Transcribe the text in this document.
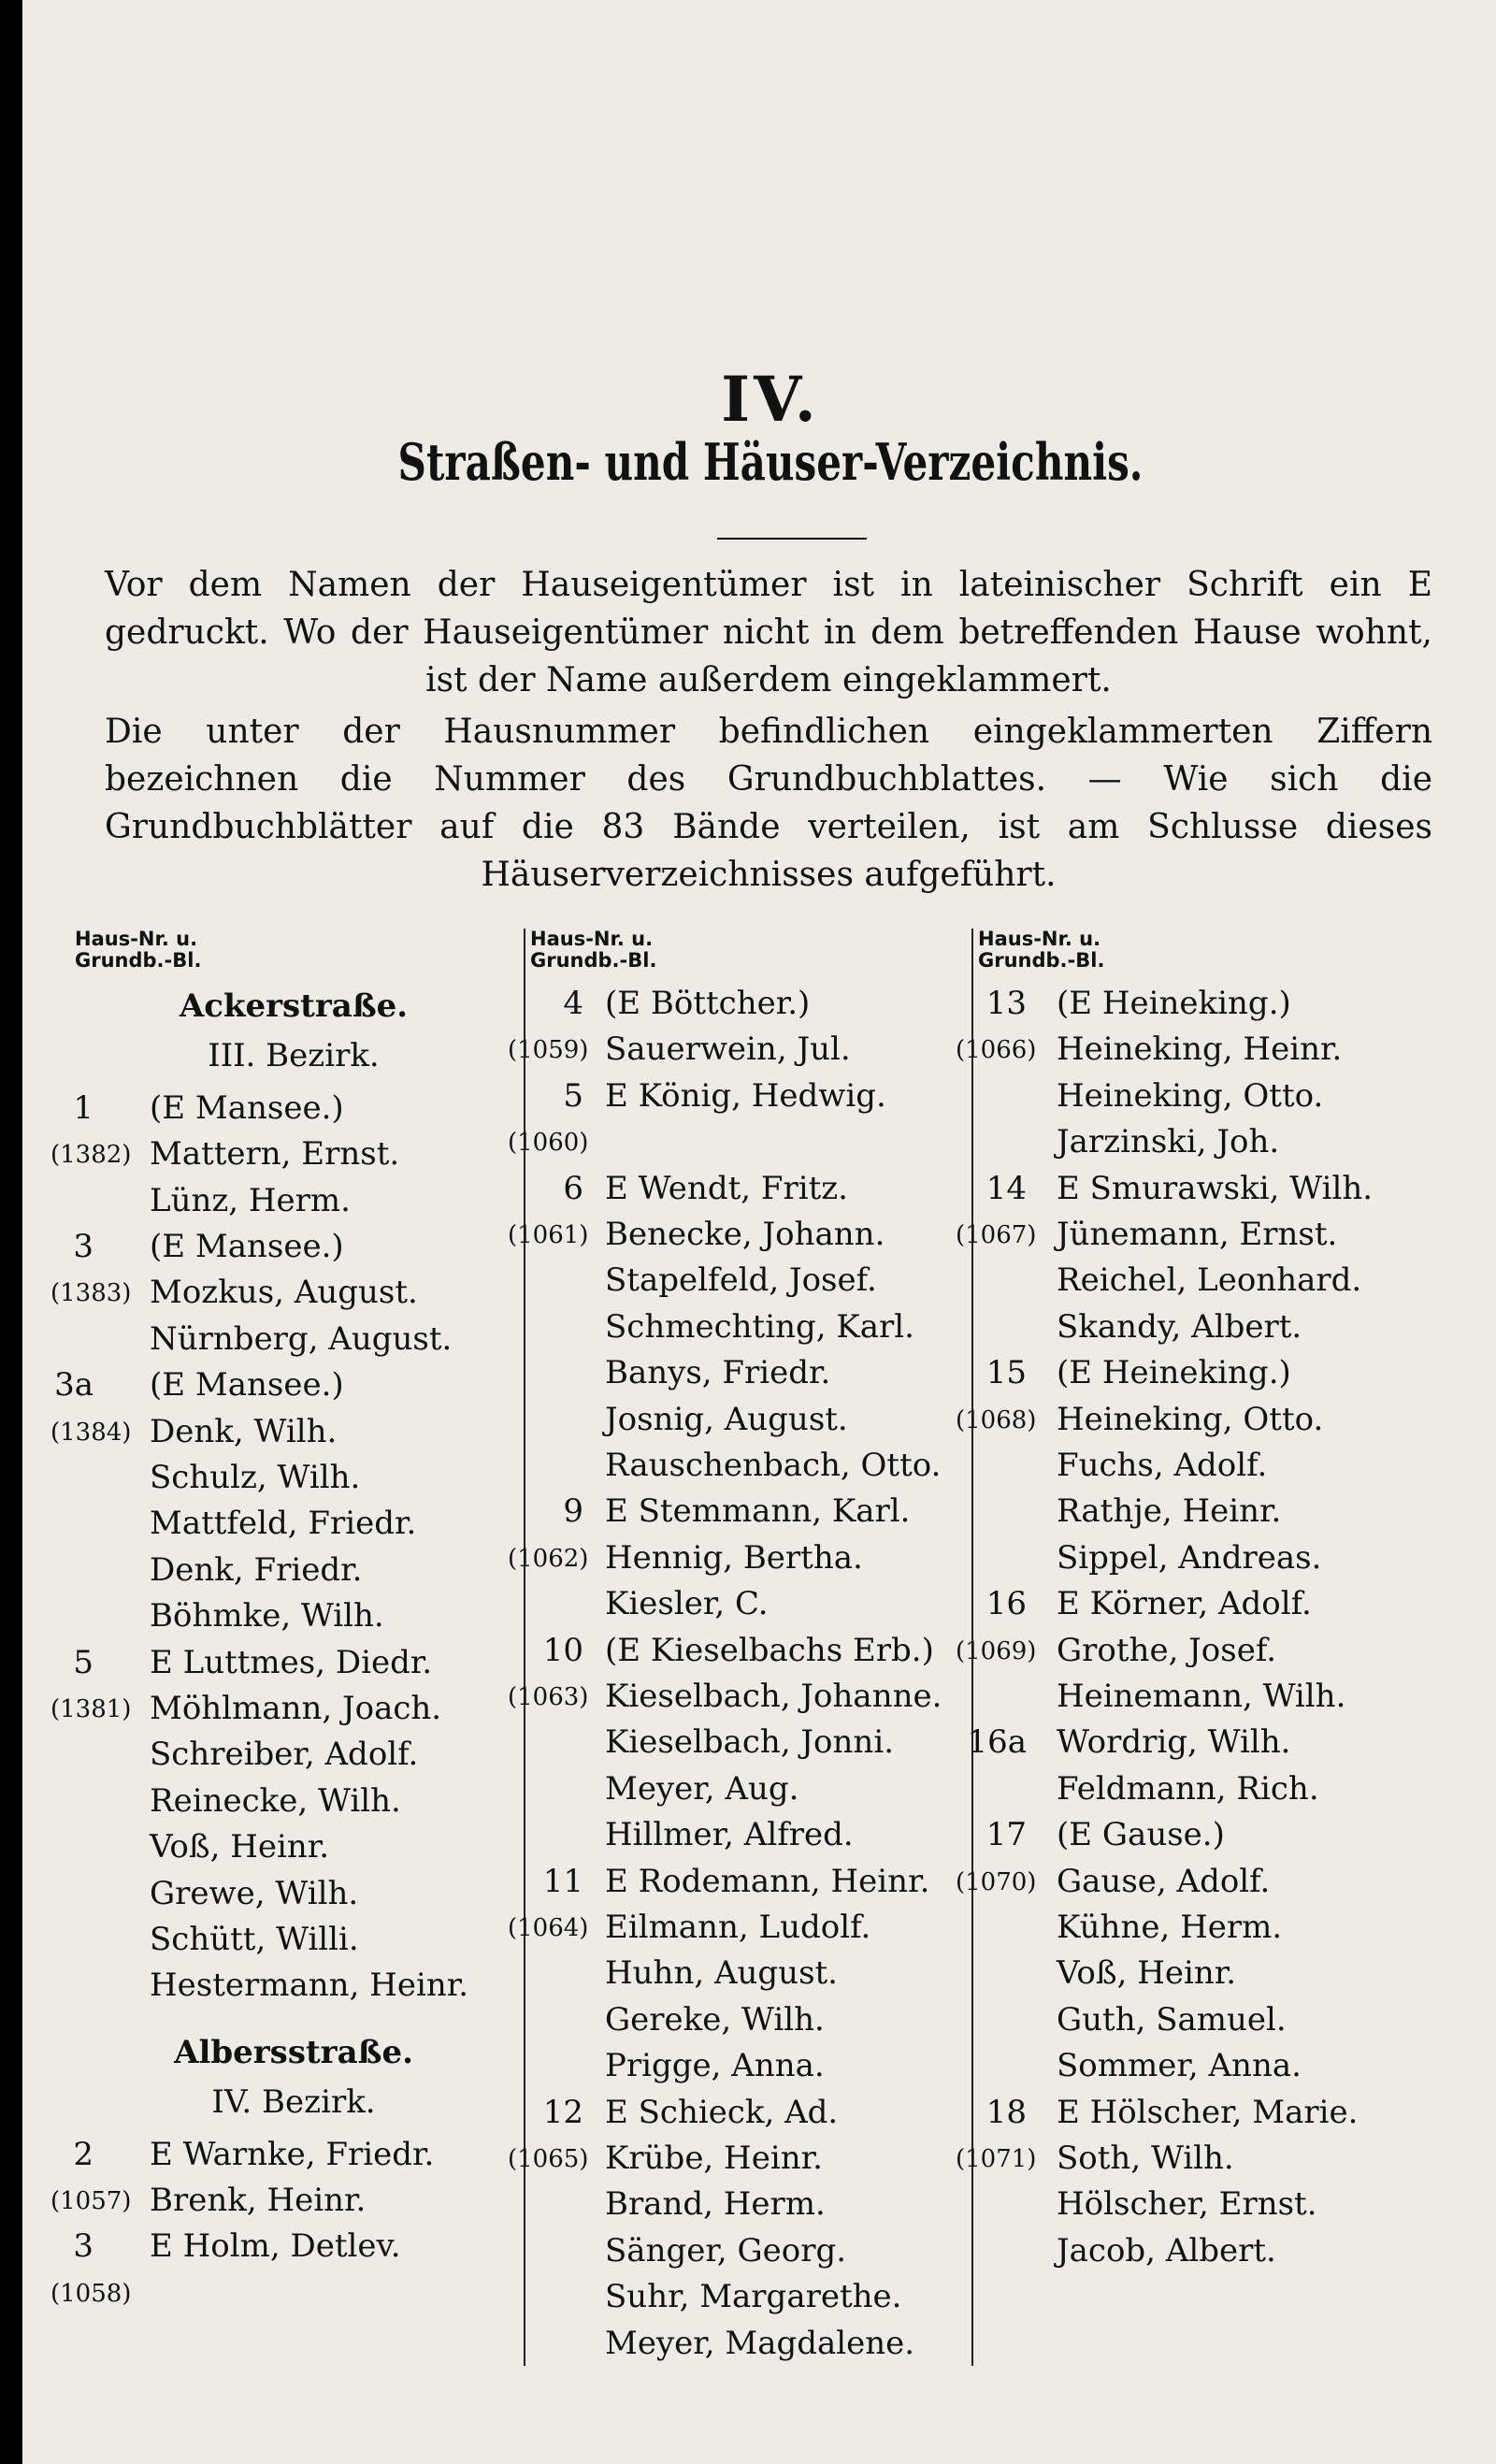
IV.
Straßen- und Häuser-Verzeichnis.

Vor dem Namen der Hauseigentümer ist in lateinischer Schrift ein E gedruckt. Wo der Hauseigentümer nicht in dem betreffenden Hause wohnt, ist der Name außerdem eingeklammert.

Die unter der Hausnummer befindlichen eingeklammerten Ziffern bezeichnen die Nummer des Grundbuchblattes. — Wie sich die Grundbuchblätter auf die 83 Bände verteilen, ist am Schlusse dieses Häuserverzeichnisses aufgeführt.

Haus-Nr. u.
Grundb.-Bl.
Haus-Nr. u.
Grundb.-Bl.
Haus-Nr. u.
Grundb.-Bl.
Ackerstraße.
III. Bezirk.
1 (E Mansee.)
(1382) Mattern, Ernst.
Lünz, Herm.
3 (E Mansee.)
(1383) Mozkus, August.
Nürnberg, August.
3a (E Mansee.)
(1384) Denk, Wilh.
Schulz, Wilh.
Mattfeld, Friedr.
Denk, Friedr.
Böhmke, Wilh.
5 E Luttmes, Diedr.
(1381) Möhlmann, Joach.
Schreiber, Adolf.
Reinecke, Wilh.
Voß, Heinr.
Grewe, Wilh.
Schütt, Willi.
Hestermann, Heinr.
Albersstraße.
IV. Bezirk.
2 E Warnke, Friedr.
(1057) Brenk, Heinr.
3 E Holm, Detlev.
(1058)
4 (E Böttcher.)
(1059) Sauerwein, Jul.
5 E König, Hedwig.
(1060)
6 E Wendt, Fritz.
(1061) Benecke, Johann.
Stapelfeld, Josef.
Schmechting, Karl.
Banys, Friedr.
Josnig, August.
Rauschenbach, Otto.
9 E Stemmann, Karl.
(1062) Hennig, Bertha.
Kiesler, C.
10 (E Kieselbachs Erb.)
(1063) Kieselbach, Johanne.
Kieselbach, Jonni.
Meyer, Aug.
Hillmer, Alfred.
11 E Rodemann, Heinr.
(1064) Eilmann, Ludolf.
Huhn, August.
Gereke, Wilh.
Prigge, Anna.
12 E Schieck, Ad.
(1065) Krübe, Heinr.
Brand, Herm.
Sänger, Georg.
Suhr, Margarethe.
Meyer, Magdalene.
13 (E Heineking.)
(1066) Heineking, Heinr.
Heineking, Otto.
Jarzinski, Joh.
14 E Smurawski, Wilh.
(1067) Jünemann, Ernst.
Reichel, Leonhard.
Skandy, Albert.
15 (E Heineking.)
(1068) Heineking, Otto.
Fuchs, Adolf.
Rathje, Heinr.
Sippel, Andreas.
16 E Körner, Adolf.
(1069) Grothe, Josef.
Heinemann, Wilh.
16a Wordrig, Wilh.
Feldmann, Rich.
17 (E Gause.)
(1070) Gause, Adolf.
Kühne, Herm.
Voß, Heinr.
Guth, Samuel.
Sommer, Anna.
18 E Hölscher, Marie.
(1071) Soth, Wilh.
Hölscher, Ernst.
Jacob, Albert.
